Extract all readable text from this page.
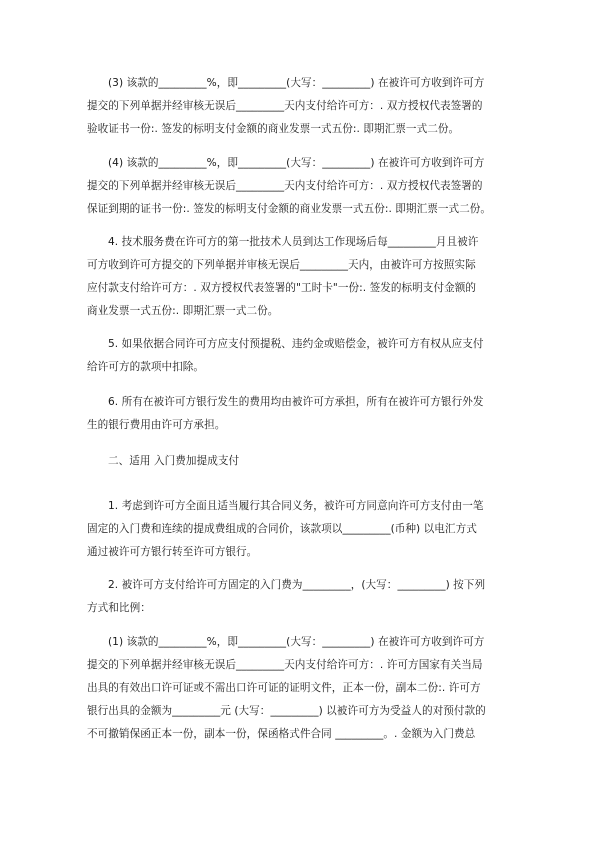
(3) 该款的_________%，即_________(大写：_________) 在被许可方收到许可方
提交的下列单据并经审核无误后_________天内支付给许可方：. 双方授权代表签署的
验收证书一份:. 签发的标明支付金额的商业发票一式五份:. 即期汇票一式二份。
(4) 该款的_________%，即_________(大写：_________) 在被许可方收到许可方
提交的下列单据并经审核无误后_________天内支付给许可方：. 双方授权代表签署的
保证到期的证书一份:. 签发的标明支付金额的商业发票一式五份:. 即期汇票一式二份。
4. 技术服务费在许可方的第一批技术人员到达工作现场后每_________月且被许
可方收到许可方提交的下列单据并审核无误后_________天内，由被许可方按照实际
应付款支付给许可方：. 双方授权代表签署的"工时卡"一份:. 签发的标明支付金额的
商业发票一式五份:. 即期汇票一式二份。
5. 如果依据合同许可方应支付预提税、违约金或赔偿金，被许可方有权从应支付
给许可方的款项中扣除。
6. 所有在被许可方银行发生的费用均由被许可方承担，所有在被许可方银行外发
生的银行费用由许可方承担。
二、适用 入门费加提成支付
1. 考虑到许可方全面且适当履行其合同义务，被许可方同意向许可方支付由一笔
固定的入门费和连续的提成费组成的合同价，该款项以_________(币种) 以电汇方式
通过被许可方银行转至许可方银行。
2. 被许可方支付给许可方固定的入门费为_________，(大写：_________) 按下列
方式和比例：
(1) 该款的_________%，即_________(大写：_________) 在被许可方收到许可方
提交的下列单据并经审核无误后_________天内支付给许可方：. 许可方国家有关当局
出具的有效出口许可证或不需出口许可证的证明文件，正本一份，副本二份:. 许可方
银行出具的金额为_________元 (大写：_________) 以被许可方为受益人的对预付款的
不可撤销保函正本一份，副本一份，保函格式件合同 _________。. 金额为入门费总
